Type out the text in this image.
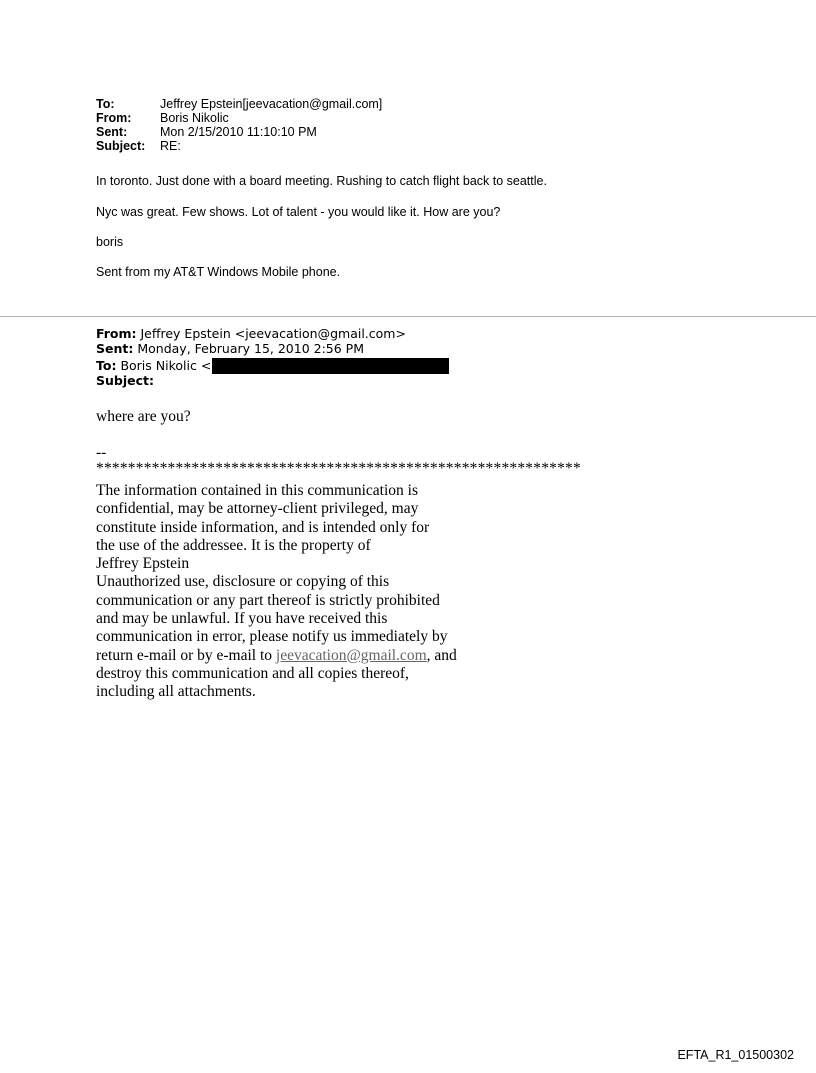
To:	Jeffrey Epstein[jeevacation@gmail.com]
From: Boris Nikolic
Sent:	Mon 2/15/2010 11:10:10 PM
Subject: RE:
In toronto. Just done with a board meeting. Rushing to catch flight back to seattle.
Nyc was great. Few shows. Lot of talent - you would like it. How are you?
boris
Sent from my AT&T Windows Mobile phone.
From: Jeffrey Epstein <jeevacation@gmail.com>
Sent: Monday, February 15, 2010 2:56 PM
To: Boris Nikolic <
Subject:
where are you?
--
*************************************************************
The information contained in this communication is
confidential, may be attorney-client privileged, may
constitute inside information, and is intended only for
the use of the addressee. It is the property of
Jeffrey Epstein
Unauthorized use, disclosure or copying of this
communication or any part thereof is strictly prohibited
and may be unlawful. If you have received this
communication in error, please notify us immediately by
return e-mail or by e-mail to jeevacation@gmail.com, and
destroy this communication and all copies thereof,
including all attachments.
EFTA_R1_01500302
